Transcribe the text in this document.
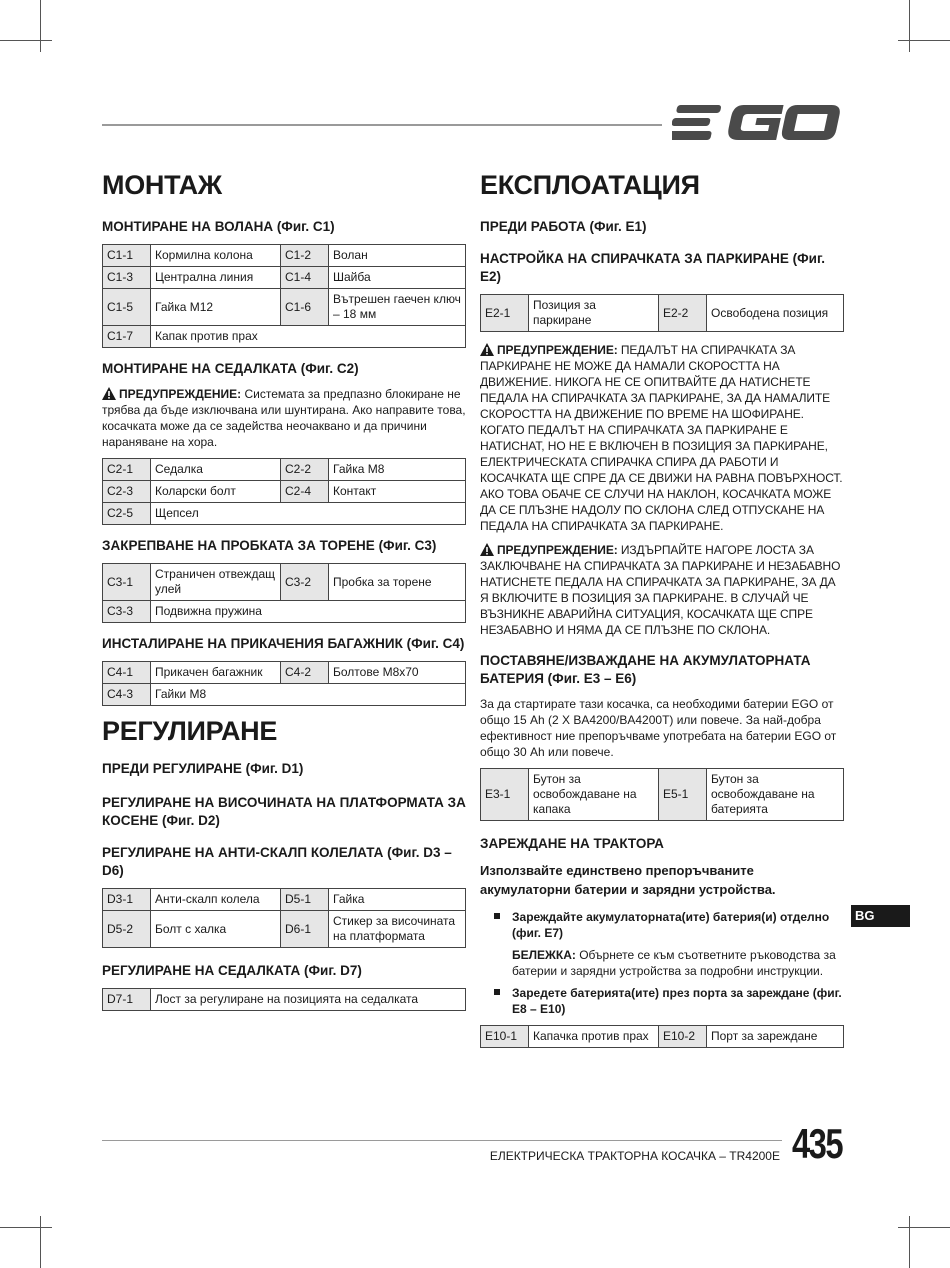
МОНТАЖ
МОНТИРАНЕ НА ВОЛАНА (Фиг. C1)
C1-1	Кормилна колона	C1-2	Волан
C1-3	Централна линия	C1-4	Шайба
C1-5	Гайка M12	C1-6	Вътрешен гаечен ключ – 18 мм
C1-7	Капак против прах		
МОНТИРАНЕ НА СЕДАЛКАТА (Фиг. C2)

ПРЕДУПРЕЖДЕНИЕ: Системата за предпазно блокиране не трябва да бъде изключвана или шунтирана. Ако направите това, косачката може да се задейства неочаквано и да причини нараняване на хора.

C2-1	Седалка	C2-2	Гайка M8
C2-3	Коларски болт	C2-4	Контакт
C2-5	Щепсел		
ЗАКРЕПВАНЕ НА ПРОБКАТА ЗА ТОРЕНЕ (Фиг. C3)
C3-1	Страничен отвеждащ улей	C3-2	Пробка за торене
C3-3	Подвижна пружина		
ИНСТАЛИРАНЕ НА ПРИКАЧЕНИЯ БАГАЖНИК (Фиг. C4)
C4-1	Прикачен багажник	C4-2	Болтове M8x70
C4-3	Гайки M8		
РЕГУЛИРАНЕ
ПРЕДИ РЕГУЛИРАНЕ (Фиг. D1)
РЕГУЛИРАНЕ НА ВИСОЧИНАТА НА ПЛАТФОРМАТА ЗА КОСЕНЕ (Фиг. D2)
РЕГУЛИРАНЕ НА АНТИ-СКАЛП КОЛЕЛАТА (Фиг. D3 – D6)
D3-1	Анти-скалп колела	D5-1	Гайка
D5-2	Болт с халка	D6-1	Стикер за височината на платформата
РЕГУЛИРАНЕ НА СЕДАЛКАТА (Фиг. D7)
D7-1	Лост за регулиране на позицията на седалката
ЕКСПЛОАТАЦИЯ
ПРЕДИ РАБОТА (Фиг. E1)
НАСТРОЙКА НА СПИРАЧКАТА ЗА ПАРКИРАНЕ (Фиг. E2)
E2-1	Позиция за паркиране	E2-2	Освободена позиция

ПРЕДУПРЕЖДЕНИЕ: ПЕДАЛЪТ НА СПИРАЧКАТА ЗА ПАРКИРАНЕ НЕ МОЖЕ ДА НАМАЛИ СКОРОСТТА НА ДВИЖЕНИЕ. НИКОГА НЕ СЕ ОПИТВАЙТЕ ДА НАТИСНЕТЕ ПЕДАЛА НА СПИРАЧКАТА ЗА ПАРКИРАНЕ, ЗА ДА НАМАЛИТЕ СКОРОСТТА НА ДВИЖЕНИЕ ПО ВРЕМЕ НА ШОФИРАНЕ. КОГАТО ПЕДАЛЪТ НА СПИРАЧКАТА ЗА ПАРКИРАНЕ Е НАТИСНАТ, НО НЕ Е ВКЛЮЧЕН В ПОЗИЦИЯ ЗА ПАРКИРАНЕ, ЕЛЕКТРИЧЕСКАТА СПИРАЧКА СПИРА ДА РАБОТИ И КОСАЧКАТА ЩЕ СПРЕ ДА СЕ ДВИЖИ НА РАВНА ПОВЪРХНОСТ. АКО ТОВА ОБАЧЕ СЕ СЛУЧИ НА НАКЛОН, КОСАЧКАТА МОЖЕ ДА СЕ ПЛЪЗНЕ НАДОЛУ ПО СКЛОНА СЛЕД ОТПУСКАНЕ НА ПЕДАЛА НА СПИРАЧКАТА ЗА ПАРКИРАНЕ.

ПРЕДУПРЕЖДЕНИЕ: ИЗДЪРПАЙТЕ НАГОРЕ ЛОСТА ЗА ЗАКЛЮЧВАНЕ НА СПИРАЧКАТА ЗА ПАРКИРАНЕ И НЕЗАБАВНО НАТИСНЕТЕ ПЕДАЛА НА СПИРАЧКАТА ЗА ПАРКИРАНЕ, ЗА ДА Я ВКЛЮЧИТЕ В ПОЗИЦИЯ ЗА ПАРКИРАНЕ. В СЛУЧАЙ ЧЕ ВЪЗНИКНЕ АВАРИЙНА СИТУАЦИЯ, КОСАЧКАТА ЩЕ СПРЕ НЕЗАБАВНО И НЯМА ДА СЕ ПЛЪЗНЕ ПО СКЛОНА.

ПОСТАВЯНЕ/ИЗВАЖДАНЕ НА АКУМУЛАТОРНАТА БАТЕРИЯ (Фиг. E3 – E6)

За да стартирате тази косачка, са необходими батерии EGO от общо 15 Ah (2 X BA4200/BA4200T) или повече. За най-добра ефективност ние препоръчваме употребата на батерии EGO от общо 30 Ah или повече.

E3-1	Бутон за освобождаване на капака	E5-1	Бутон за освобождаване на батерията
ЗАРЕЖДАНЕ НА ТРАКТОРА

Използвайте единствено препоръчваните акумулаторни батерии и зарядни устройства.

Зареждайте акумулаторната(ите) батерия(и) отделно (фиг. E7)
БЕЛЕЖКА: Обърнете се към съответните ръководства за батерии и зарядни устройства за подробни инструкции.
Заредете батерията(ите) през порта за зареждане (фиг. E8 – E10)
E10-1	Капачка против прах	E10-2	Порт за зареждане
BG
ЕЛЕКТРИЧЕСКА ТРАКТОРНА КОСАЧКА – TR4200E 435
